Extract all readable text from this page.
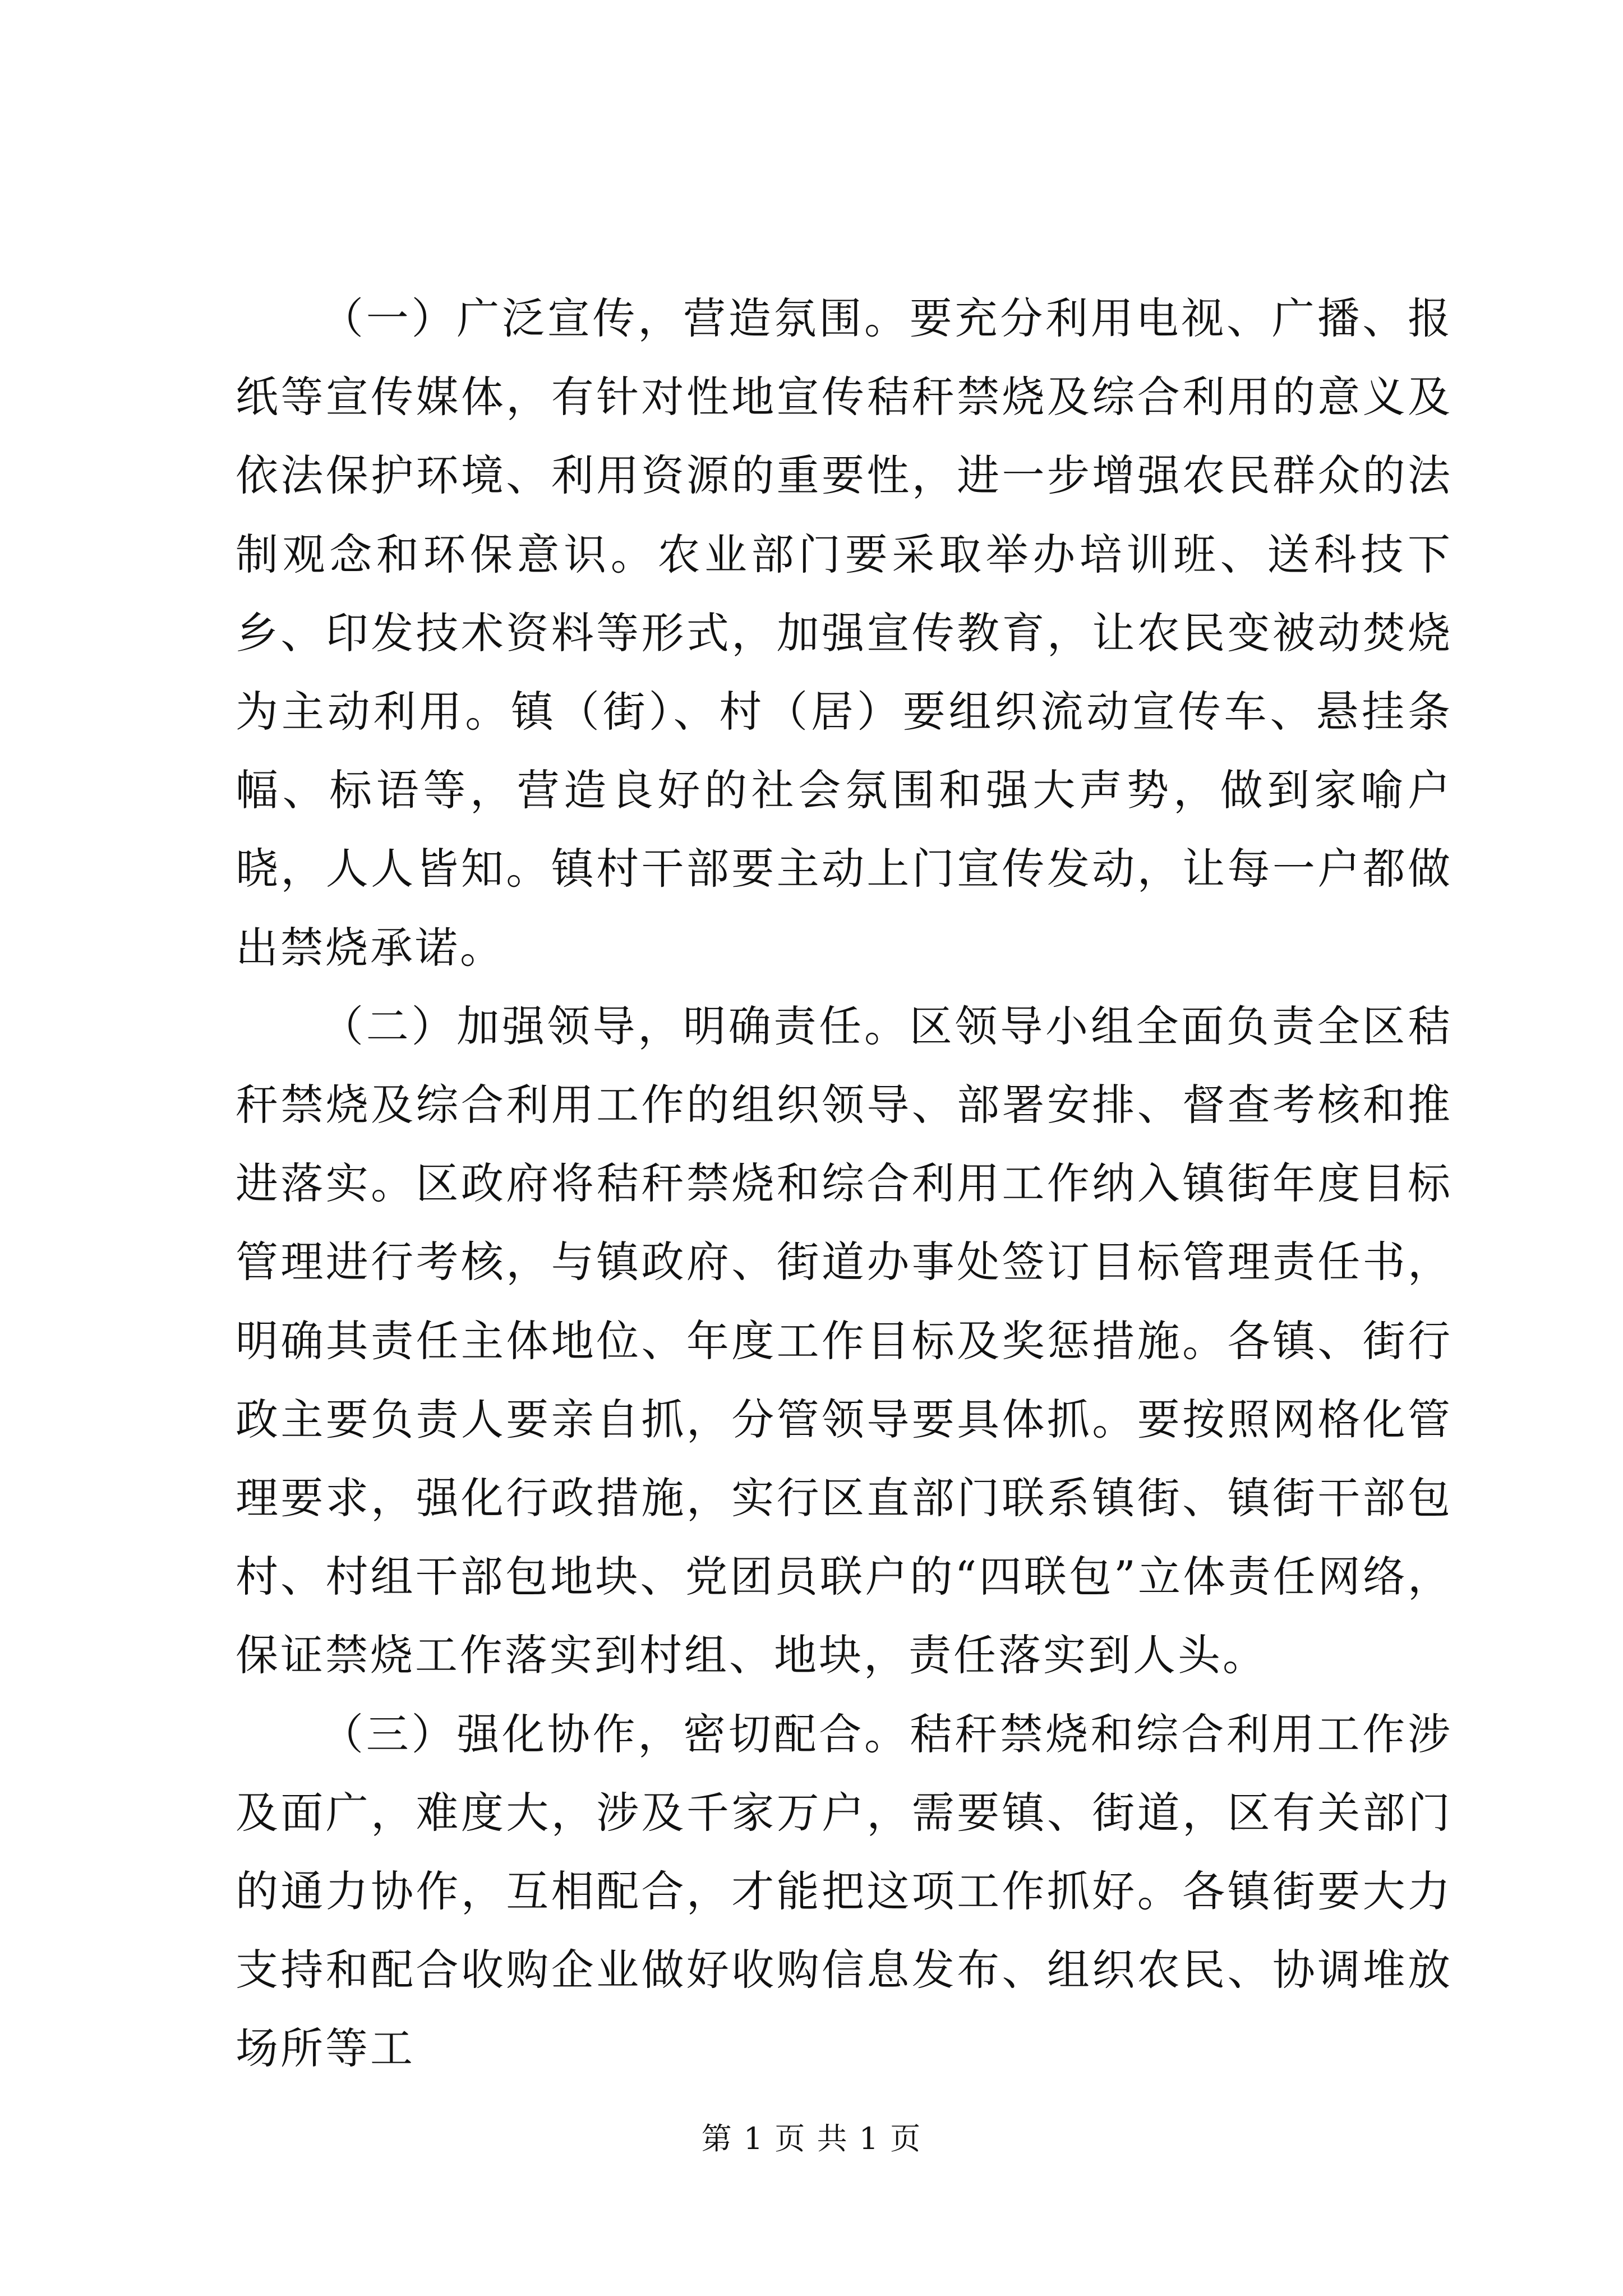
（一）广泛宣传，营造氛围。要充分利用电视、广播、报纸等宣传媒体，有针对性地宣传秸秆禁烧及综合利用的意义及依法保护环境、利用资源的重要性，进一步增强农民群众的法制观念和环保意识。农业部门要采取举办培训班、送科技下乡、印发技术资料等形式，加强宣传教育，让农民变被动焚烧为主动利用。镇（街）、村（居）要组织流动宣传车、悬挂条幅、标语等，营造良好的社会氛围和强大声势，做到家喻户晓，人人皆知。镇村干部要主动上门宣传发动，让每一户都做出禁烧承诺。

（二）加强领导，明确责任。区领导小组全面负责全区秸秆禁烧及综合利用工作的组织领导、部署安排、督查考核和推进落实。区政府将秸秆禁烧和综合利用工作纳入镇街年度目标管理进行考核，与镇政府、街道办事处签订目标管理责任书，明确其责任主体地位、年度工作目标及奖惩措施。各镇、街行政主要负责人要亲自抓，分管领导要具体抓。要按照网格化管理要求，强化行政措施，实行区直部门联系镇街、镇街干部包村、村组干部包地块、党团员联户的“四联包”立体责任网络，保证禁烧工作落实到村组、地块，责任落实到人头。

（三）强化协作，密切配合。秸秆禁烧和综合利用工作涉及面广，难度大，涉及千家万户，需要镇、街道，区有关部门的通力协作，互相配合，才能把这项工作抓好。各镇街要大力支持和配合收购企业做好收购信息发布、组织农民、协调堆放场所等工

第 1 页 共 1 页
